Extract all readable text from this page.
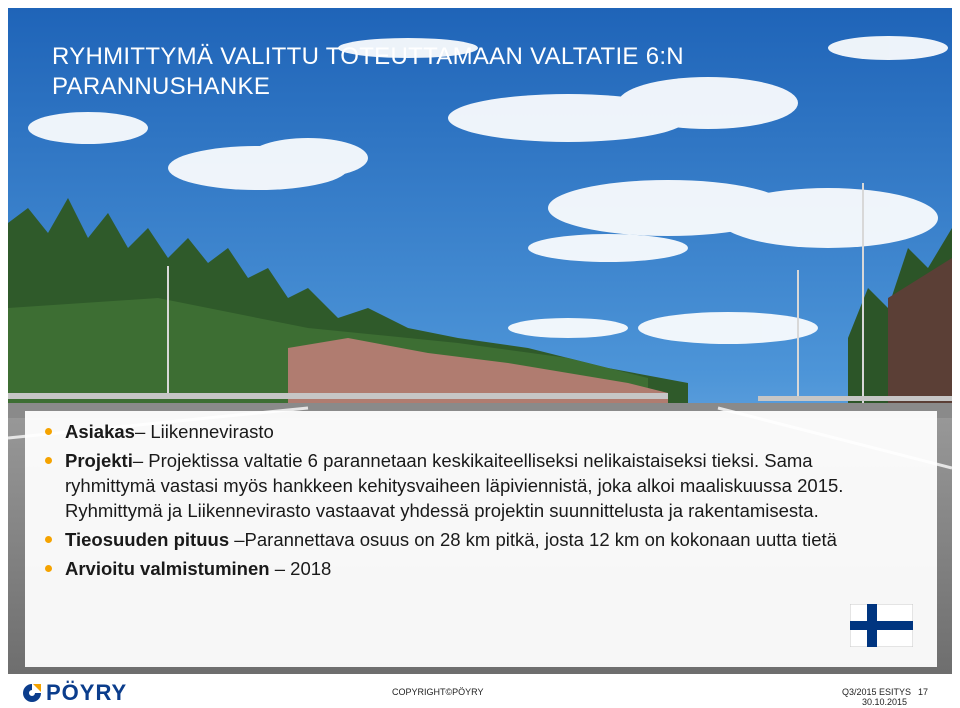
RYHMITTYMÄ VALITTU TOTEUTTAMAAN VALTATIE 6:N
PARANNUSHANKE
Asiakas– Liikennevirasto
Projekti– Projektissa valtatie 6 parannetaan keskikaiteelliseksi nelikaistaiseksi tieksi. Sama ryhmittymä vastasi myös hankkeen kehitysvaiheen läpiviennistä, joka alkoi maaliskuussa 2015. Ryhmittymä ja Liikennevirasto vastaavat yhdessä projektin suunnittelusta ja rakentamisesta.
Tieosuuden pituus –Parannettava osuus on 28 km pitkä, josta 12 km on kokonaan uutta tietä
Arvioitu valmistuminen – 2018
PÖYRY	COPYRIGHT©PÖYRY	Q3/2015 ESITYS
30.10.2015
17
